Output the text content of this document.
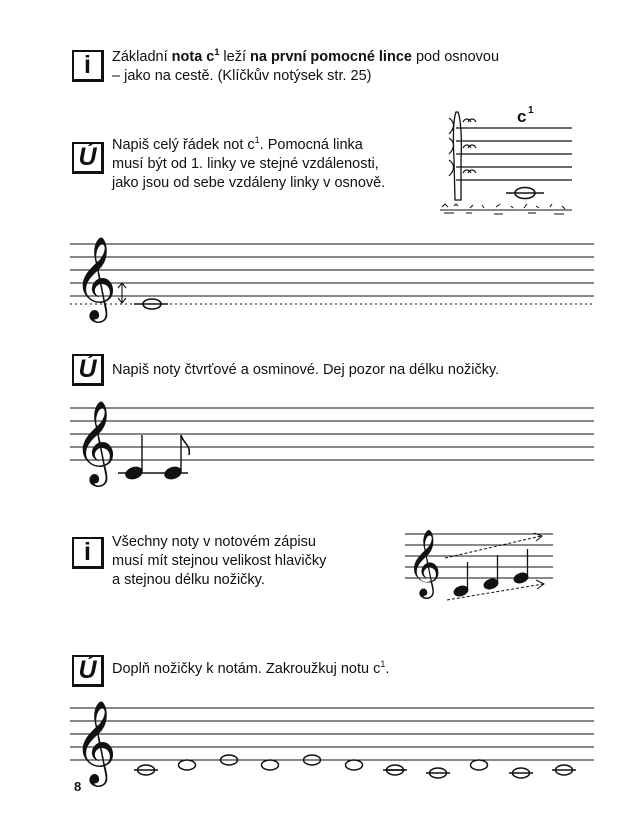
i	Základní nota $c^1$ leží na první pomocné lince pod osnovou
– jako na cestě. (Klíčkův notýsek str. 25)
Ú	Napiš celý řádek not $c^1$. Pomocná linka
musí být od 1. linky ve stejné vzdálenosti,
jako jsou od sebe vzdáleny linky v osnově.
c 1
𝄞
Ú	Napiš noty čtvrťové a osminové. Dej pozor na délku nožičky.
𝄞
i	Všechny noty v notovém zápisu
musí mít stejnou velikost hlavičky
a stejnou délku nožičky. 𝄞
Ú	Doplň nožičky k notám. Zakroužkuj notu $c^1$.
𝄞
8
